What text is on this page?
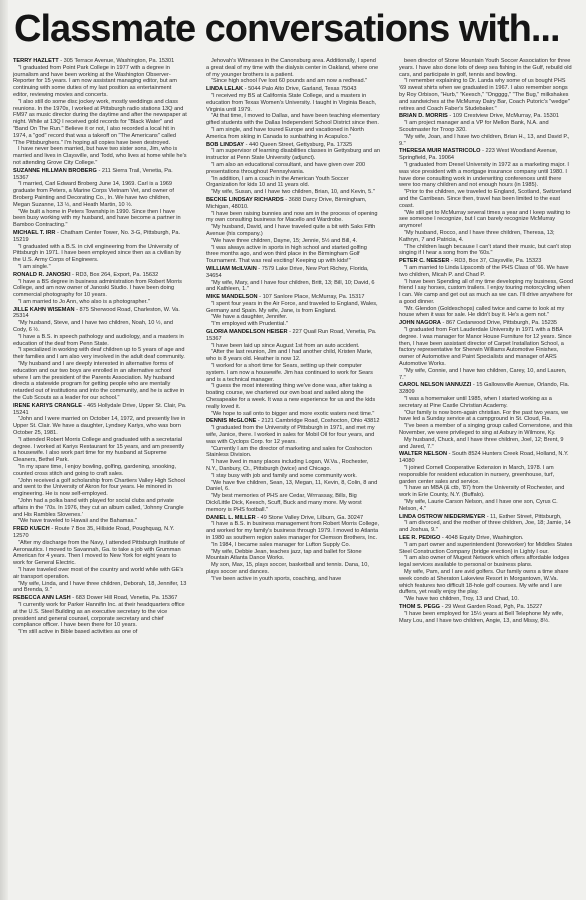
Classmate conversations with...
TERRY HAZLETT - 305 Terrace Avenue, Washington, Pa. 15301

"I graduated from Point Park College in 1977 with a degree in journalism and have been working at the Washington Observer-Reporter for 15 years. I am now assistant managing editor, but am continuing with some duties of my last position as entertainment editor, reviewing movies and concerts.

"I also still do some disc jockey work, mostly weddings and class reunions. In the 1970s, I worked at Pittsburgh radio stations 13Q and FM97 as music director during the daytime and after the newspaper at night. While at 13Q I received gold records for "Black Water" and "Band On The Run." Believe it or not, I also recorded a local hit in 1974, a "god" record that was a takeoff on "The Americans" called "The Pittsburghers." I'm hoping all copies have been destroyed.

I have never been married, but have two sister sons, Jim, who is married and lives in Claysville, and Todd, who lives at home while he's not attending Grove City College."

SUZANNE HILLMAN BROBERG - 211 Sierra Trail, Venetia, Pa. 15367

"I married, Carl Edward Broberg June 14, 1969. Carl is a 1969 graduate from Peters, a Marine Corps Vietnam Vet, and owner of Broberg Painting and Decorating Co., In. We have two children, Megan Suzanne, 13 ½, and Heath Martin, 10 ½.

"We built a home in Peters Township in 1990. Since then I have been busy working with my husband, and have become a partner in Bamboo Contracting."

MICHAEL T. IRR - Chatham Center Tower, No. 3-G, Pittsburgh, Pa. 15219

"I graduated with a B.S. in civil engineering from the University of Pittsburgh in 1971. I have been employed since then as a civilian by the U.S. Army Corps of Engineers.

"I am single."

RONALD R. JANOSKI - RD3, Box 264, Export, Pa. 15632

"I have a BS degree in business administration from Robert Morris College, and am now owner of Janoski Studio. I have been doing commercial photography for 10 years.

"I am married to Jo Ann, who also is a photographer."

JILLE KAHN WISEMAN - 875 Sherwood Road, Charleston, W. Va. 25314

"My husband, Steve, and I have two children, Noah, 10 ½, and Cody, 6 ½.

"I have a B.S. in speech pathology and audiology, and a masters in education of the deaf from Penn State.

"I specialized in working with deaf children up to 5 years of age and their families and I am also very involved in the adult deaf community.

"My husband and I are deeply interested in alternative forms of education and our two boys are enrolled in an alternative school where I am the president of the Parents Association. My husband directs a statewide program for getting people who are mentally retarded out of institutions and into the community, and he is active in the Cub Scouts as a leader for our school."

IRENE KARIYS CRANGLE - 465 Hollydale Drive, Upper St. Clair, Pa. 15241

"John and I were married on October 14, 1972, and presently live in Upper St. Clair. We have a daughter, Lyndsey Kariys, who was born October 25, 1981.

"I attended Robert Morris College and graduated with a secretarial degree. I worked at Kariys Restaurant for 15 years, and am presently a housewife. I also work part time for my husband at Supreme Cleaners, Bethel Park.

"In my spare time, I enjoy bowling, golfing, gardening, snooking, counted cross stitch and going to craft sales.

"John received a golf scholarship from Chartiers Valley High School and went to the University of Akron for four years. He minored in engineering. He is now self-employed.

"John had a polka band with played for social clubs and private affairs in the '70s. In 1976, they cut an album called, 'Johnny Crangle and His Rambles Slovenes.'

"We have traveled to Hawaii and the Bahamas."

FRED KUECH - Route 7 Box 35, Hillside Road, Poughquag, N.Y. 12570

"After my discharge from the Navy, I attended Pittsburgh Institute of Aeronautics. I moved to Savannah, Ga. to take a job with Grumman American for 4 years. Then I moved to New York for eight years to work for General Electric.

"I have traveled over most of the country and world while with GE's air transport operation.

"My wife, Linda, and I have three children, Deborah, 18, Jennifer, 13 and Brenda, 9."

REBECCA ANN LASH - 683 Dower Hill Road, Venetia, Pa. 15367

"I currently work for Parker Hannifin Inc. at their headquarters office at the U.S. Steel Building as an executive secretary to the vice president and general counsel, corporate secretary and chief compliance officer. I have been there for 10 years.

"I'm still active in Bible based activities as one of

Jehovah's Witnesses in the Canonsburg area. Additionally, I spend a great deal of my time with the dialysis center in Oakland, where one of my younger brothers is a patient.

"Since high school I've lost 60 pounds and am now a redhead."

LINDA LELAK - 5044 Palo Alto Drive, Garland, Texas 75043

"I received my BS at California State College, and a masters in education from Texas Women's University. I taught in Virginia Beach, Virginia until 1979.

"At that time, I moved to Dallas, and have been teaching elementary gifted students with the Dallas Independent School District since then.

"I am single, and have toured Europe and vacationed in North America from skiing in Canada to sunbathing in Acapulco."

BOB LINDSAY - 440 Queen Street, Gettysburg, Pa. 17325

"I am supervisor of learning disabilities classes in Gettysburg and an instructor at Penn State University (adjunct).

"I am also an educational consultant, and have given over 200 presentations throughout Pennsylvania.

"In addition, I am a coach in the American Youth Soccer Organization for kids 10 and 11 years old.

"My wife, Susan, and I have two children, Brian, 10, and Kevin, 5."

BECKIE LINDSAY RICHARDS - 3688 Darcy Drive, Birmingham, Michigan, 48010.

"I have been raising bunnies and now am in the process of opening my own consulting business for Macello and Wardrobe.

"My husband, David, and I have traveled quite a bit with Saks Fifth Avenue (his company.)

"We have three children, Dayne, 15; Jennie, 5½ and Bill, 4.

"I was always active in sports in high school and started golfing three months ago, and won third place in the Birmingham Golf Tournament. That was real exciting! Keeping up with kids!"

WILLIAM McILVAIN - 7579 Lake Drive, New Port Richey, Florida, 34654

"My wife, Mary, and I have four children, Britt, 13; Bill, 10; David, 6 and Kathleen, 1."

MIKE MANDELSON - 107 Sanlore Place, McMurray, Pa. 15317

"I spent four years in the Air Force, and traveled to England, Wales, Germany and Spain. My wife, Jane, is from England.

"We have a daughter, Jennifer.

"I'm employed with Prudential."

GLORIA MANDELSON HEISER - 227 Quail Run Road, Venetia, Pa. 15367

"I have been laid up since August 1st from an auto accident.

"After the last reunion, Jim and I had another child, Kristen Marie, who is 8 years old. Heather is now 12.

"I worked for a short time for Sears, setting up their computer system. I am now a housewife. Jim has continued to work for Sears and is a technical manager.

"I guess the most interesting thing we've done was, after taking a boating course, we chartered our own boat and sailed along the Chesapeake for a week. It was a new experience for us and the kids really loved it.

"We hope to sail onto to bigger and more exotic waters next time."

DENNIS McGLONE - 2121 Cambridge Road, Coshocton, Ohio 43812

"I graduated from the University of Pittsburgh in 1971, and met my wife, Janice, there. I worked in sales for Mobil Oil for four years, and was with Cyclops Corp. for 12 years.

"Currently I am the director of marketing and sales for Coshocton Stainless Division.

"I have lived in many places including Logan, W.Va., Rochester, N.Y., Danbury, Ct., Pittsburgh (twice) and Chicago.

"I stay busy with job and family and some community work.

"We have five children, Sean, 13, Megan, 11, Kevin, 8, Colin, 8 and Daniel, 6.

"My best memories of PHS are Cedar, Wrrrassay, Bills, Big Dick/Little Dick, Keesch, Scuff, Buck and many more. My worst memory is PHS football."

DANIEL L. MILLER - 49 Stone Valley Drive, Lilburn, Ga. 30247

"I have a B.S. in business management from Robert Morris College, and worked for my family's business through 1979. I moved to Atlanta in 1980 as southern region sales manager for Clemson Brothers, Inc.

"In 1984, I became sales manager for Lufton Supply Co.

"My wife, Debbie Jean, teaches jazz, tap and ballet for Stone Mountain Atlanta Dance Works.

My son, Max, 15, plays soccer, basketball and tennis. Dana, 10, plays soccer and dances.

"I've been active in youth sports, coaching, and have

been director of Stone Mountain Youth Soccer Association for three years. I have also done lots of deep sea fishing in the Gulf, rebuild old cars, and participate in golf, tennis and bowling.

"I remember explaining to Dr. Landa why some of us bought PHS '69 sweat shirts when we graduated in 1967. I also remember songs by Roy Orbison, "Hurb," "Keesch," "Ongggg," "The Bug," milkshakes and sandwiches at the McMurray Dairy Bar, Coach Putoric's "wedge" retires and Coach Faber's Studebaker."

BRIAN D. MORRIS - 109 Crestview Drive, McMurray, Pa. 15301

"I am project manager and a VP for Mellon Bank, N.A. and Scoutmaster for Troop 320.

"My wife, Joan, and I have two children, Brian H., 13, and David P., 9."

THERESA MUIR MASTRICOLO - 223 West Woodland Avenue, Springfield, Pa. 19064

"I graduated from Drexel University in 1972 as a marketing major. I was vice president with a mortgage insurance company until 1980. I have done consulting work in underwriting conferences until there were too many children and not enough hours (in 1985).

"Prior to the children, we traveled to England, Scotland, Switzerland and the Carribean. Since then, travel has been limited to the east coast.

"We still get to McMurray several times a year and I keep waiting to see someone I recognize, but I can barely recognize McMurray anymore!

"My husband, Rocco, and I have three children, Theresa, 13; Kathryn, 7 and Patricia, 4.

"The children laugh because I can't stand their music, but can't stop singing if I hear a song from the '60s."

PETER C. NEESER - RD3, Box 37, Claysville, Pa. 15323

"I am married to Linda Lipscomb of the PHS Class of '66. We have two children, Micah P. and Chad P.

"I have been Spending all of my time developing my business, Good friend I say horses, custom trailers. I enjoy touring motorcycling when I can. We camp and get out as much as we can. I'll drive anywhere for a good dinner.

"Mr. Glendon (Goldeschops) called twice and came to look at my house when it was for sale. He didn't buy it. He's a gem not."

JOHN NAGORA - 867 Cedarwood Drive, Pittsburgh, Pa. 15235

"I graduated from Fort Lauderdale University in 1971 with a BBA degree. I was manager for Manor House Furniture for 12 years. Since then, I have been assistant director of Carpet Installation School, a factory representative for Sherwin Williams Automotive Finishes, owner of Automotive and Paint Specialists and manager of ARS Automotive Works.

"My wife, Connie, and I have two children, Carey, 10, and Lauren, 7."

CAROL NELSON IANNUZZI - 15 Gallowsville Avenue, Orlando, Fla. 32809

"I was a homemaker until 1985, when I started working as a secretary at Pine Castle Christian Academy.

"Our family is now born-again christian. For the past two years, we have led a Sunday service at a campground in St. Cloud, Fla.

"I've been a member of a singing group called Cornerstone, and this November, we were privileged to sing at Asbury in Wilmore, Ky.

My husband, Chuck, and I have three children, Joel, 12; Brent, 9 and Jared, 7."

WALTER NELSON - South 8524 Hunters Creek Road, Holland, N.Y. 14080

"I joined Cornell Cooperative Extension in March, 1978. I am responsible for resident education in nursery, greenhouse, turf, garden center sales and service.

"I have an MBA (& ctb, '87) from the University of Rochester, and work in Erie County, N.Y. (Buffalo).

"My wife, Laurie Carson Nelson, and I have one son, Cyrus C. Nelson, 4."

LINDA OSTROW NIEDERMEYER - 11, Esther Street, Pittsburgh,

"I am divorced, and the mother of three children, Joe, 18; Jamie, 14 and Joshua, 9."

LEE R. PEDIGO - 4048 Equity Drive, Washington.

"I am part owner and superintendent (foreworker) for Middles States Steel Construction Company (bridge erection) in Lighty I our.

"I am also owner of Mugest Network which offers affordable lodges legal services available to personal or business plans.

My wife, Pam, and I are avid golfers. Our family owns a time share week condo at Sheraton Lakeview Resort in Morgantown, W.Va. which features two difficult 18-hole golf courses. My wife and I are duffers, yet really enjoy the play.

"We have two children, Troy, 13 and Chad, 10.

THOM S. PEGG - 29 West Garden Road, Pgh, Pa. 15227

"I have been employed for 15½ years at Bell Telephone My wife, Mary Lou, and I have two children, Angie, 13, and Missy, 8½.
